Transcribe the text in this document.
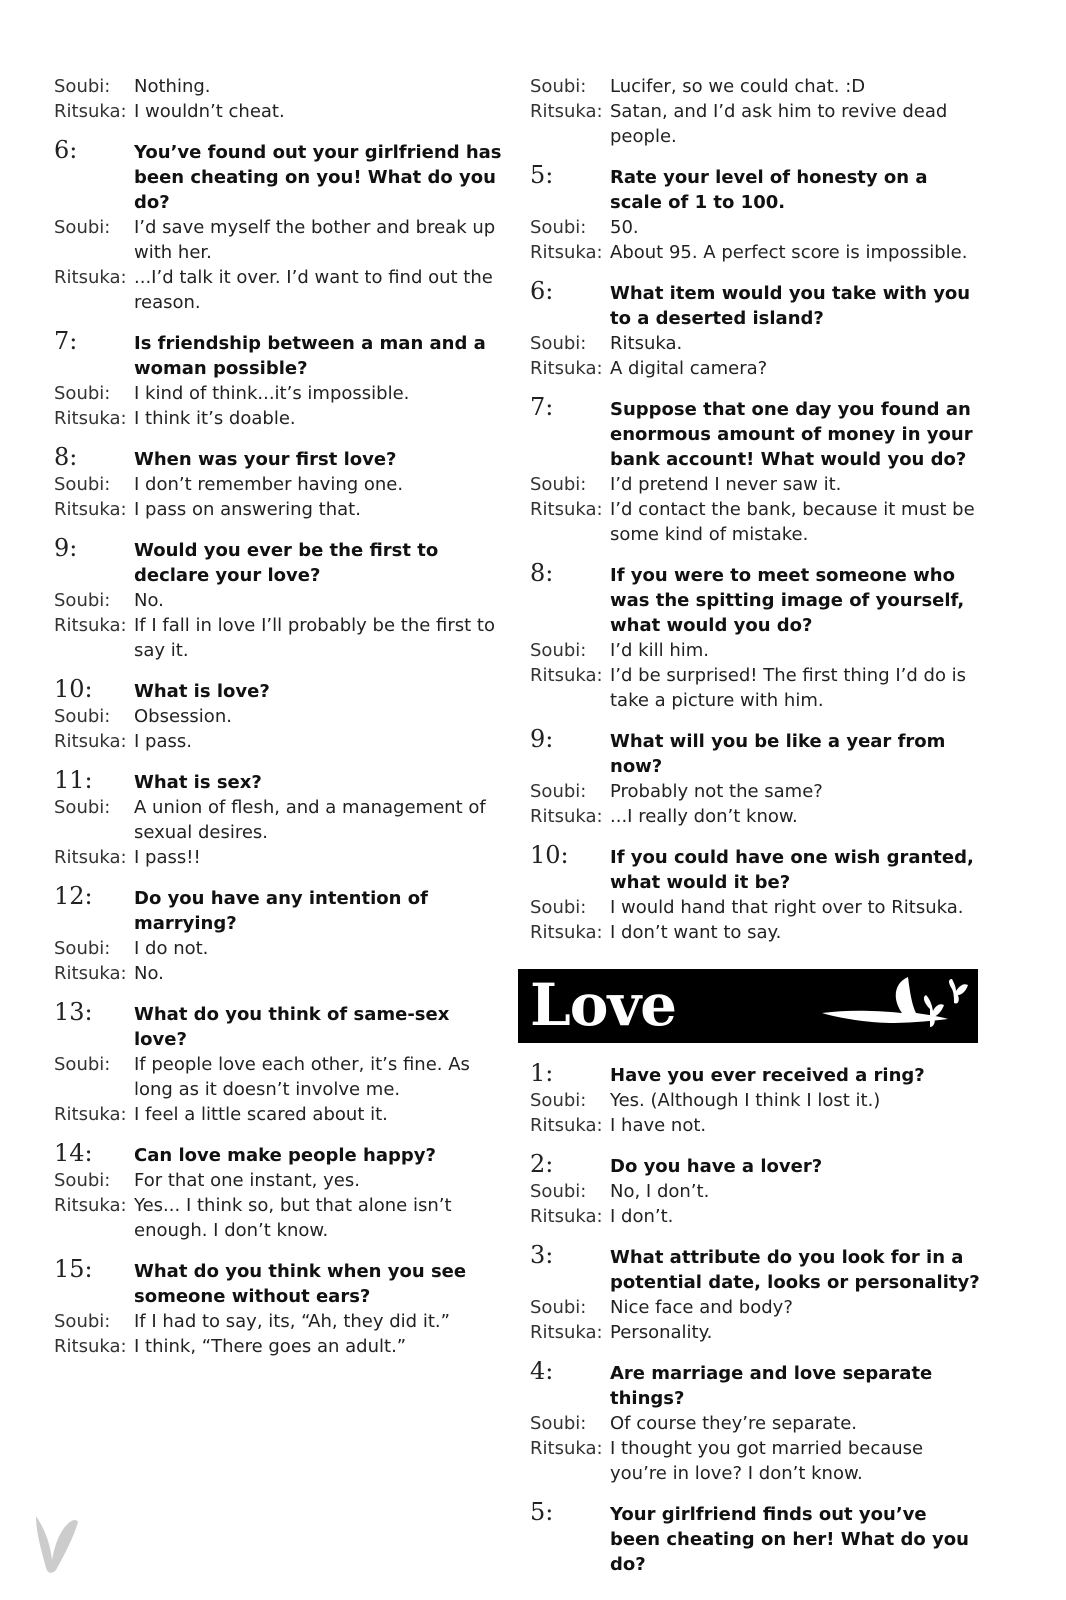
Soubi:	Nothing.
Ritsuka: I wouldn’t cheat.
6:	You’ve found out your girlfriend has been cheating on you! What do you do?
Soubi:	I’d save myself the bother and break up with her.
Ritsuka: ...I’d talk it over. I’d want to find out the reason.
7:	Is friendship between a man and a woman possible?
Soubi:	I kind of think...it’s impossible.
Ritsuka: I think it’s doable.
8:	When was your first love?
Soubi:	I don’t remember having one.
Ritsuka: I pass on answering that.
9:	Would you ever be the first to declare your love?
Soubi:	No.
Ritsuka: If I fall in love I’ll probably be the first to say it.
10: What is love?
Soubi:	Obsession.
Ritsuka: I pass.
11: What is sex?
Soubi:	A union of flesh, and a management of sexual desires.
Ritsuka: I pass!!
12: Do you have any intention of marrying?
Soubi:	I do not.
Ritsuka: No.
13: What do you think of same-sex love?
Soubi:	If people love each other, it’s fine. As long as it doesn’t involve me.
Ritsuka: I feel a little scared about it.
14: Can love make people happy?
Soubi:	For that one instant, yes.
Ritsuka: Yes... I think so, but that alone isn’t enough. I don’t know.
15: What do you think when you see someone without ears?
Soubi:	If I had to say, its, “Ah, they did it.”
Ritsuka: I think, “There goes an adult.”
Soubi:	Lucifer, so we could chat. :D
Ritsuka: Satan, and I’d ask him to revive dead people.
5:	Rate your level of honesty on a scale of 1 to 100.
Soubi:	50.
Ritsuka: About 95. A perfect score is impossible.
6:	What item would you take with you to a deserted island?
Soubi:	Ritsuka.
Ritsuka: A digital camera?
7:	Suppose that one day you found an enormous amount of money in your bank account! What would you do?
Soubi:	I’d pretend I never saw it.
Ritsuka: I’d contact the bank, because it must be some kind of mistake.
8:	If you were to meet someone who was the spitting image of yourself, what would you do?
Soubi:	I’d kill him.
Ritsuka: I’d be surprised! The first thing I’d do is take a picture with him.
9:	What will you be like a year from now?
Soubi:	Probably not the same?
Ritsuka: ...I really don’t know.
10: If you could have one wish granted, what would it be?
Soubi:	I would hand that right over to Ritsuka.
Ritsuka: I don’t want to say.
Love
1:	Have you ever received a ring?
Soubi:	Yes. (Although I think I lost it.)
Ritsuka: I have not.
2:	Do you have a lover?
Soubi:	No, I don’t.
Ritsuka: I don’t.
3:	What attribute do you look for in a potential date, looks or personality?
Soubi:	Nice face and body?
Ritsuka: Personality.
4:	Are marriage and love separate things?
Soubi:	Of course they’re separate.
Ritsuka: I thought you got married because you’re in love? I don’t know.
5:	Your girlfriend finds out you’ve been cheating on her! What do you do?
